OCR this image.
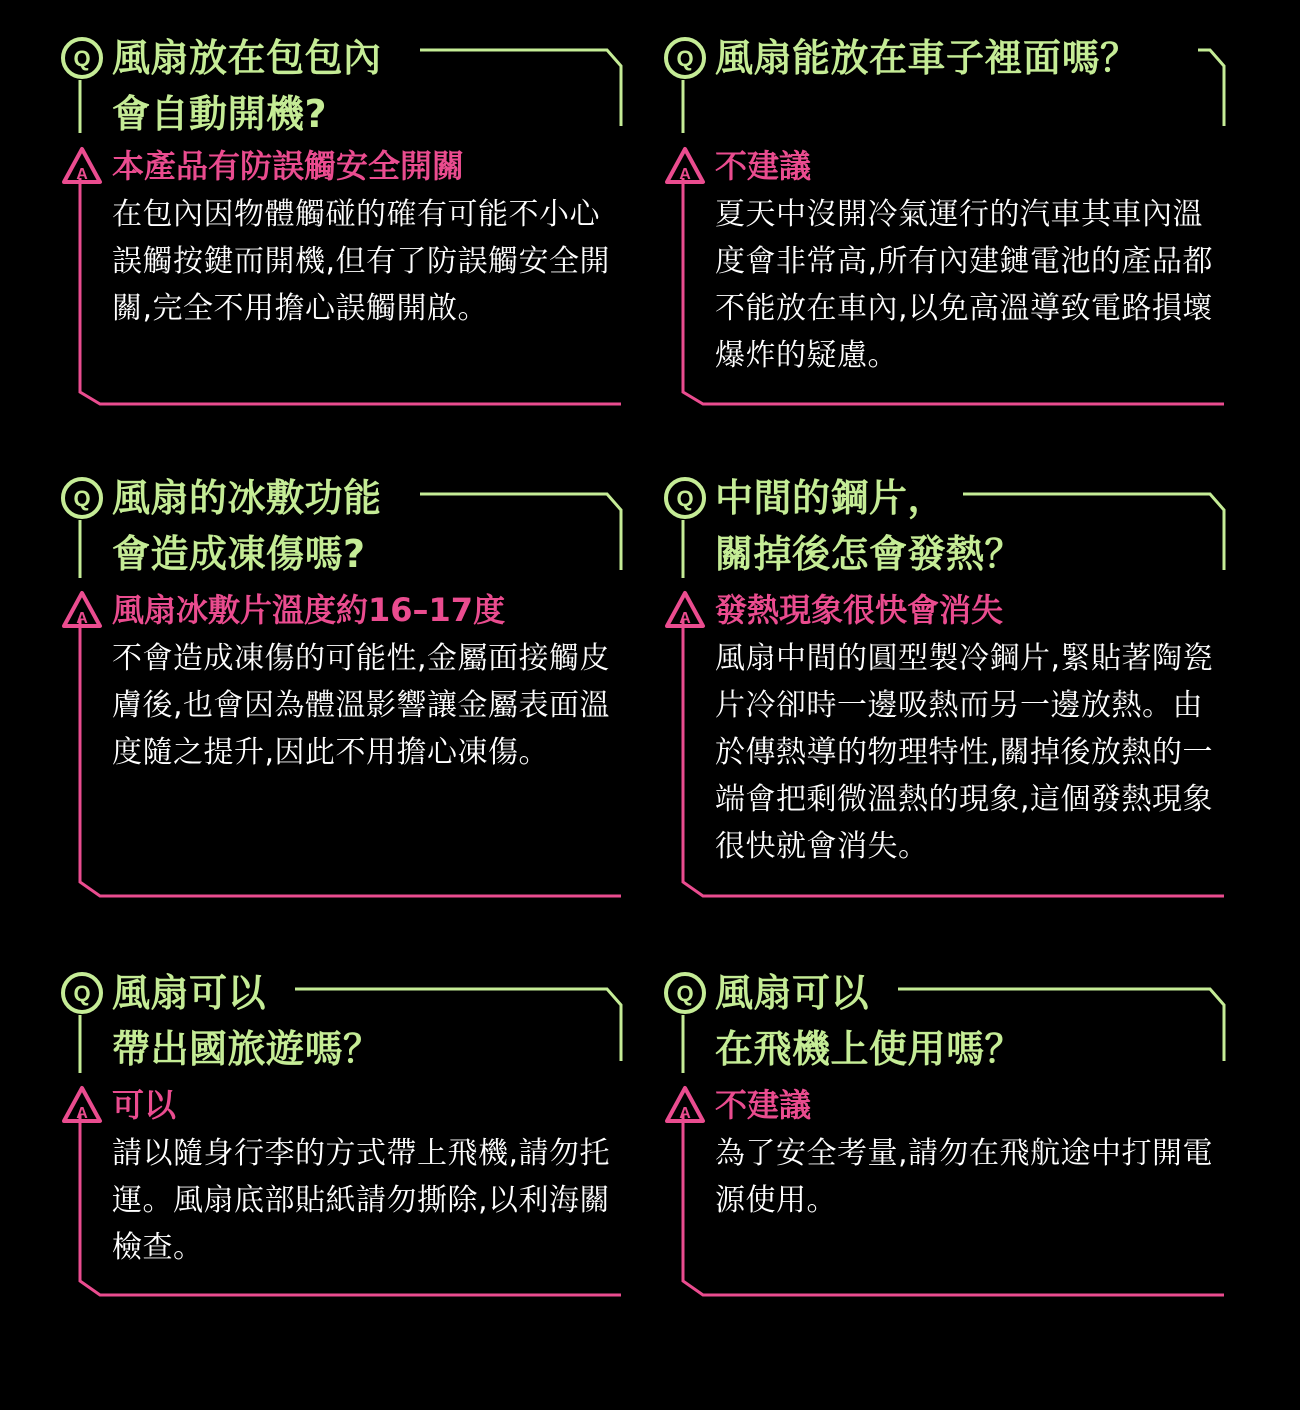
Q 風扇放在包包內
會自動開機?
A 本產品有防誤觸安全開關

在包內因物體觸碰的確有可能不小心誤觸按鍵而開機,但有了防誤觸安全開關,完全不用擔心誤觸開啟。

Q 風扇能放在車子裡面嗎？
A 不建議

夏天中沒開冷氣運行的汽車其車內溫度會非常高,所有內建鏈電池的產品都不能放在車內,以免高溫導致電路損壞爆炸的疑慮。

Q 風扇的冰敷功能
會造成凍傷嗎?
A 風扇冰敷片溫度約16–17度

不會造成凍傷的可能性,金屬面接觸皮膚後,也會因為體溫影響讓金屬表面溫度隨之提升,因此不用擔心凍傷。

Q 中間的鋼片，
關掉後怎會發熱？
A 發熱現象很快會消失

風扇中間的圓型製冷鋼片,緊貼著陶瓷片冷卻時一邊吸熱而另一邊放熱。由於傳熱導的物理特性,關掉後放熱的一端會把剩微溫熱的現象,這個發熱現象很快就會消失。

Q 風扇可以
帶出國旅遊嗎？
A 可以

請以隨身行李的方式帶上飛機,請勿托運。風扇底部貼紙請勿撕除,以利海關檢查。

Q 風扇可以
在飛機上使用嗎？
A 不建議

為了安全考量,請勿在飛航途中打開電源使用。
